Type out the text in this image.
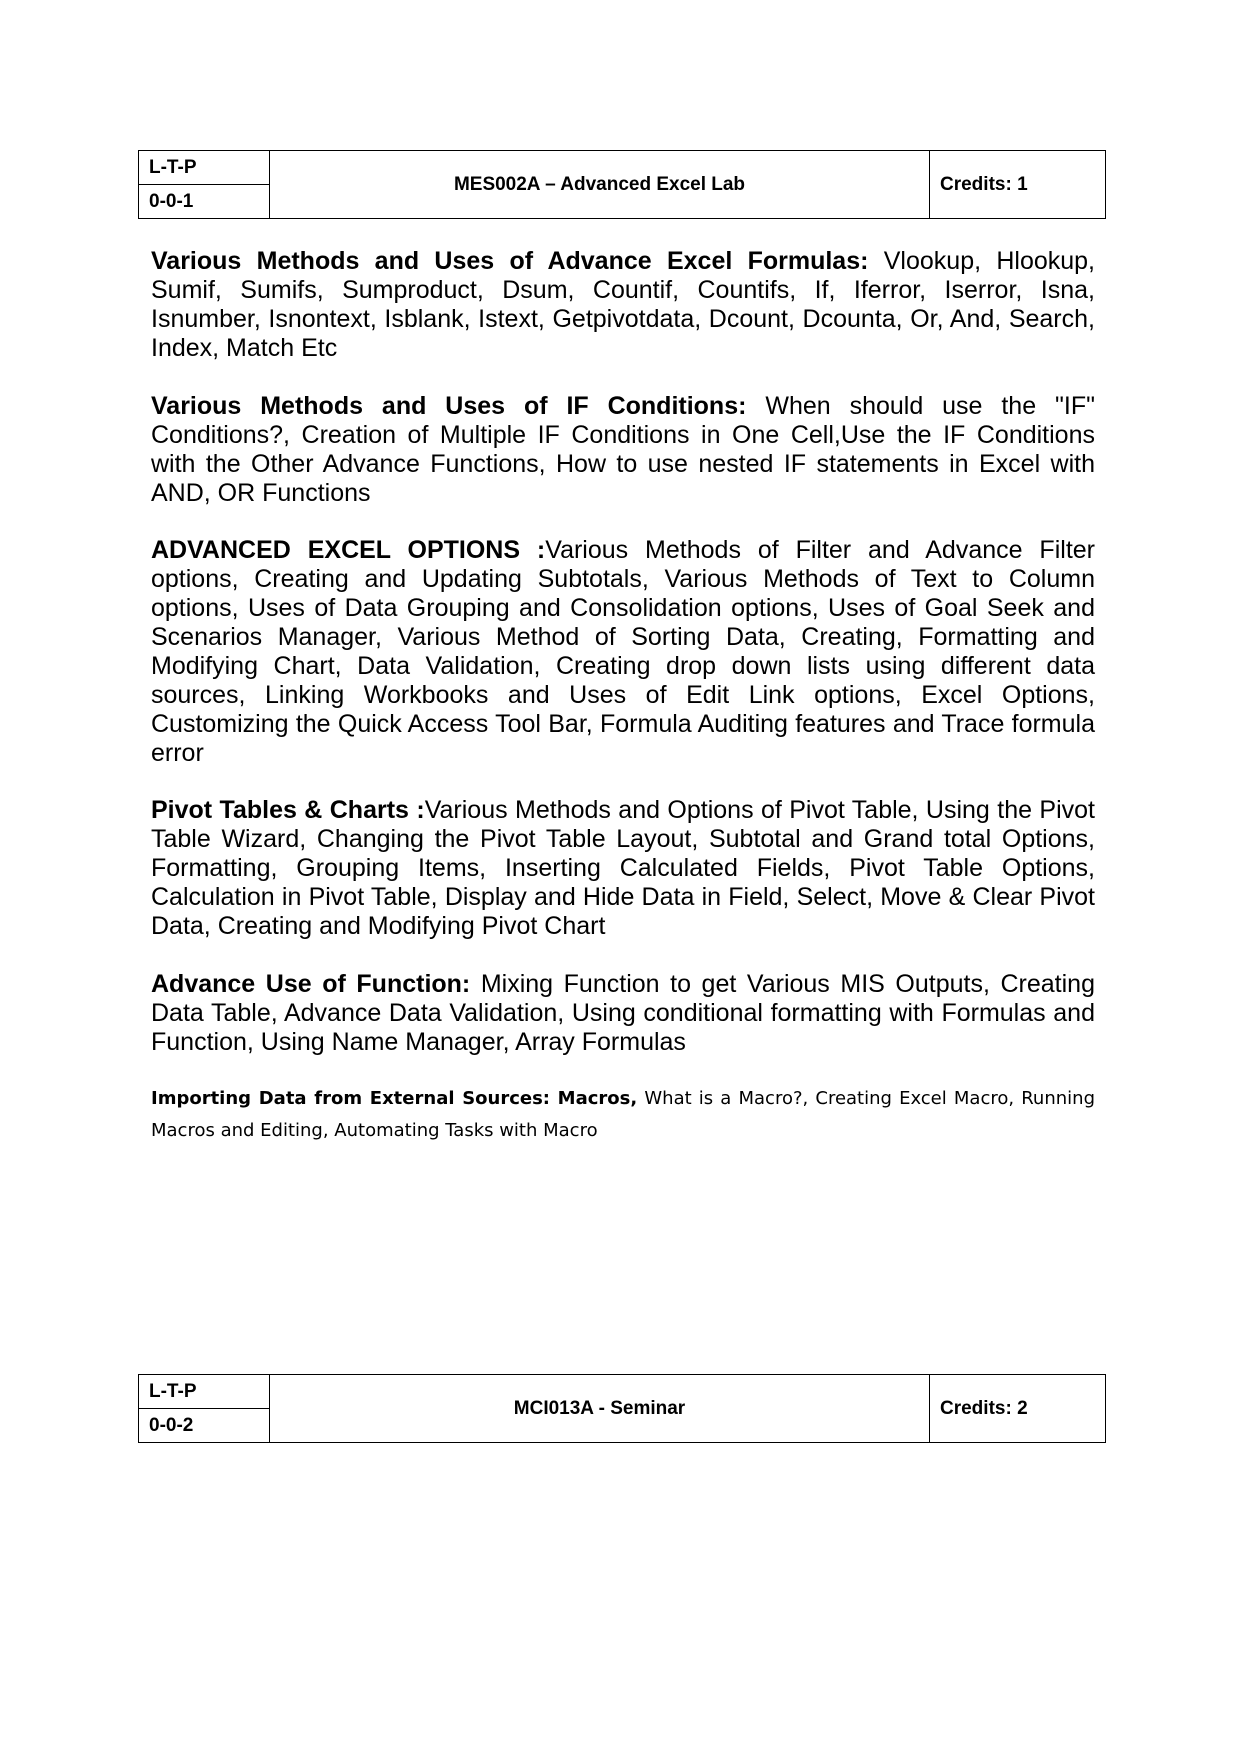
L-T-P	MES002A – Advanced Excel Lab	Credits: 1
0-0-1

Various Methods and Uses of Advance Excel Formulas: Vlookup, Hlookup, Sumif, Sumifs, Sumproduct, Dsum, Countif, Countifs, If, Iferror, Iserror, Isna, Isnumber, Isnontext, Isblank, Istext, Getpivotdata, Dcount, Dcounta, Or, And, Search, Index, Match Etc

Various Methods and Uses of IF Conditions: When should use the "IF" Conditions?, Creation of Multiple IF Conditions in One Cell,Use the IF Conditions with the Other Advance Functions, How to use nested IF statements in Excel with AND, OR Functions

ADVANCED EXCEL OPTIONS :Various Methods of Filter and Advance Filter options, Creating and Updating Subtotals, Various Methods of Text to Column options, Uses of Data Grouping and Consolidation options, Uses of Goal Seek and Scenarios Manager, Various Method of Sorting Data, Creating, Formatting and Modifying Chart, Data Validation, Creating drop down lists using different data sources, Linking Workbooks and Uses of Edit Link options, Excel Options, Customizing the Quick Access Tool Bar, Formula Auditing features and Trace formula error

Pivot Tables & Charts :Various Methods and Options of Pivot Table, Using the Pivot Table Wizard, Changing the Pivot Table Layout, Subtotal and Grand total Options, Formatting, Grouping Items, Inserting Calculated Fields, Pivot Table Options, Calculation in Pivot Table, Display and Hide Data in Field, Select, Move & Clear Pivot Data, Creating and Modifying Pivot Chart

Advance Use of Function: Mixing Function to get Various MIS Outputs, Creating Data Table, Advance Data Validation, Using conditional formatting with Formulas and Function, Using Name Manager, Array Formulas

Importing Data from External Sources: Macros, What is a Macro?, Creating Excel Macro, Running Macros and Editing, Automating Tasks with Macro

L-T-P	MCI013A - Seminar	Credits: 2
0-0-2
